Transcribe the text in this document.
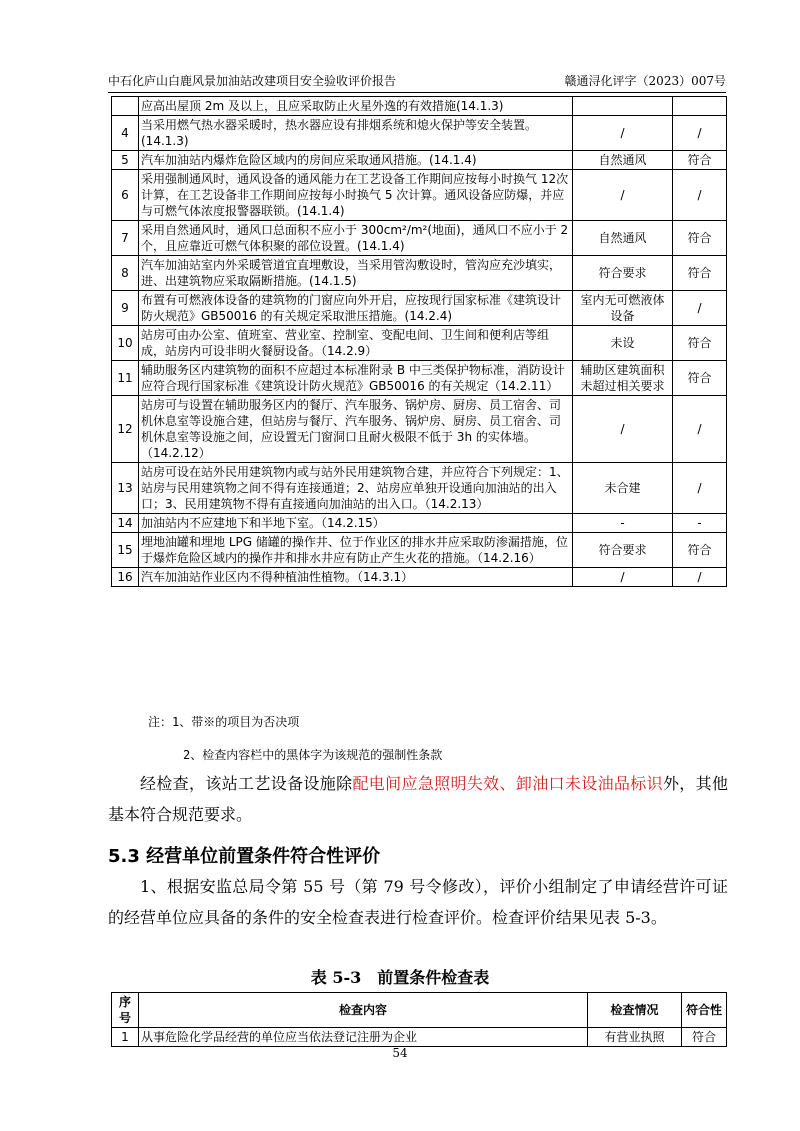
中石化庐山白鹿风景加油站改建项目安全验收评价报告	赣通浔化评字（2023）007号
	应高出屋顶 2m 及以上，且应采取防止火星外逸的有效措施(14.1.3)		
4	当采用燃气热水器采暖时，热水器应设有排烟系统和熄火保护等安全装置。(14.1.3)	/	/
5	汽车加油站内爆炸危险区域内的房间应采取通风措施。(14.1.4)	自然通风	符合
6	采用强制通风时，通风设备的通风能力在工艺设备工作期间应按每小时换气 12次计算，在工艺设备非工作期间应按每小时换气 5 次计算。通风设备应防爆，并应与可燃气体浓度报警器联锁。(14.1.4)	/	/
7	采用自然通风时，通风口总面积不应小于 300cm²/m²(地面)，通风口不应小于 2个，且应靠近可燃气体积聚的部位设置。(14.1.4)	自然通风	符合
8	汽车加油站室内外采暖管道宜直埋敷设，当采用管沟敷设时，管沟应充沙填实，进、出建筑物应采取隔断措施。(14.1.5)	符合要求	符合
9	布置有可燃液体设备的建筑物的门窗应向外开启，应按现行国家标准《建筑设计防火规范》GB50016 的有关规定采取泄压措施。(14.2.4)	室内无可燃液体设备	/
10	站房可由办公室、值班室、营业室、控制室、变配电间、卫生间和便利店等组成，站房内可设非明火餐厨设备。（14.2.9）	未设	符合
11	辅助服务区内建筑物的面积不应超过本标准附录 B 中三类保护物标准，消防设计应符合现行国家标准《建筑设计防火规范》GB50016 的有关规定（14.2.11）	辅助区建筑面积未超过相关要求	符合
12	站房可与设置在辅助服务区内的餐厅、汽车服务、锅炉房、厨房、员工宿舍、司机休息室等设施合建，但站房与餐厅、汽车服务、锅炉房、厨房、员工宿舍、司机休息室等设施之间，应设置无门窗洞口且耐火极限不低于 3h 的实体墙。（14.2.12）	/	/
13	站房可设在站外民用建筑物内或与站外民用建筑物合建，并应符合下列规定：1、站房与民用建筑物之间不得有连接通道；2、站房应单独开设通向加油站的出入口；3、民用建筑物不得有直接通向加油站的出入口。（14.2.13）	未合建	/
14	加油站内不应建地下和半地下室。（14.2.15）	-	-
15	埋地油罐和埋地 LPG 储罐的操作井、位于作业区的排水井应采取防渗漏措施，位于爆炸危险区域内的操作井和排水井应有防止产生火花的措施。（14.2.16）	符合要求	符合
16	汽车加油站作业区内不得种植油性植物。（14.3.1）	/	/
注：1、带※的项目为否决项
2、检查内容栏中的黑体字为该规范的强制性条款
经检查，该站工艺设备设施除配电间应急照明失效、卸油口未设油品标识外，其他基本符合规范要求。
5.3 经营单位前置条件符合性评价
1、根据安监总局令第 55 号（第 79 号令修改），评价小组制定了申请经营许可证的经营单位应具备的条件的安全检查表进行检查评价。检查评价结果见表 5-3。
表 5-3　前置条件检查表
序号	检查内容	检查情况	符合性
1	从事危险化学品经营的单位应当依法登记注册为企业	有营业执照	符合
54
